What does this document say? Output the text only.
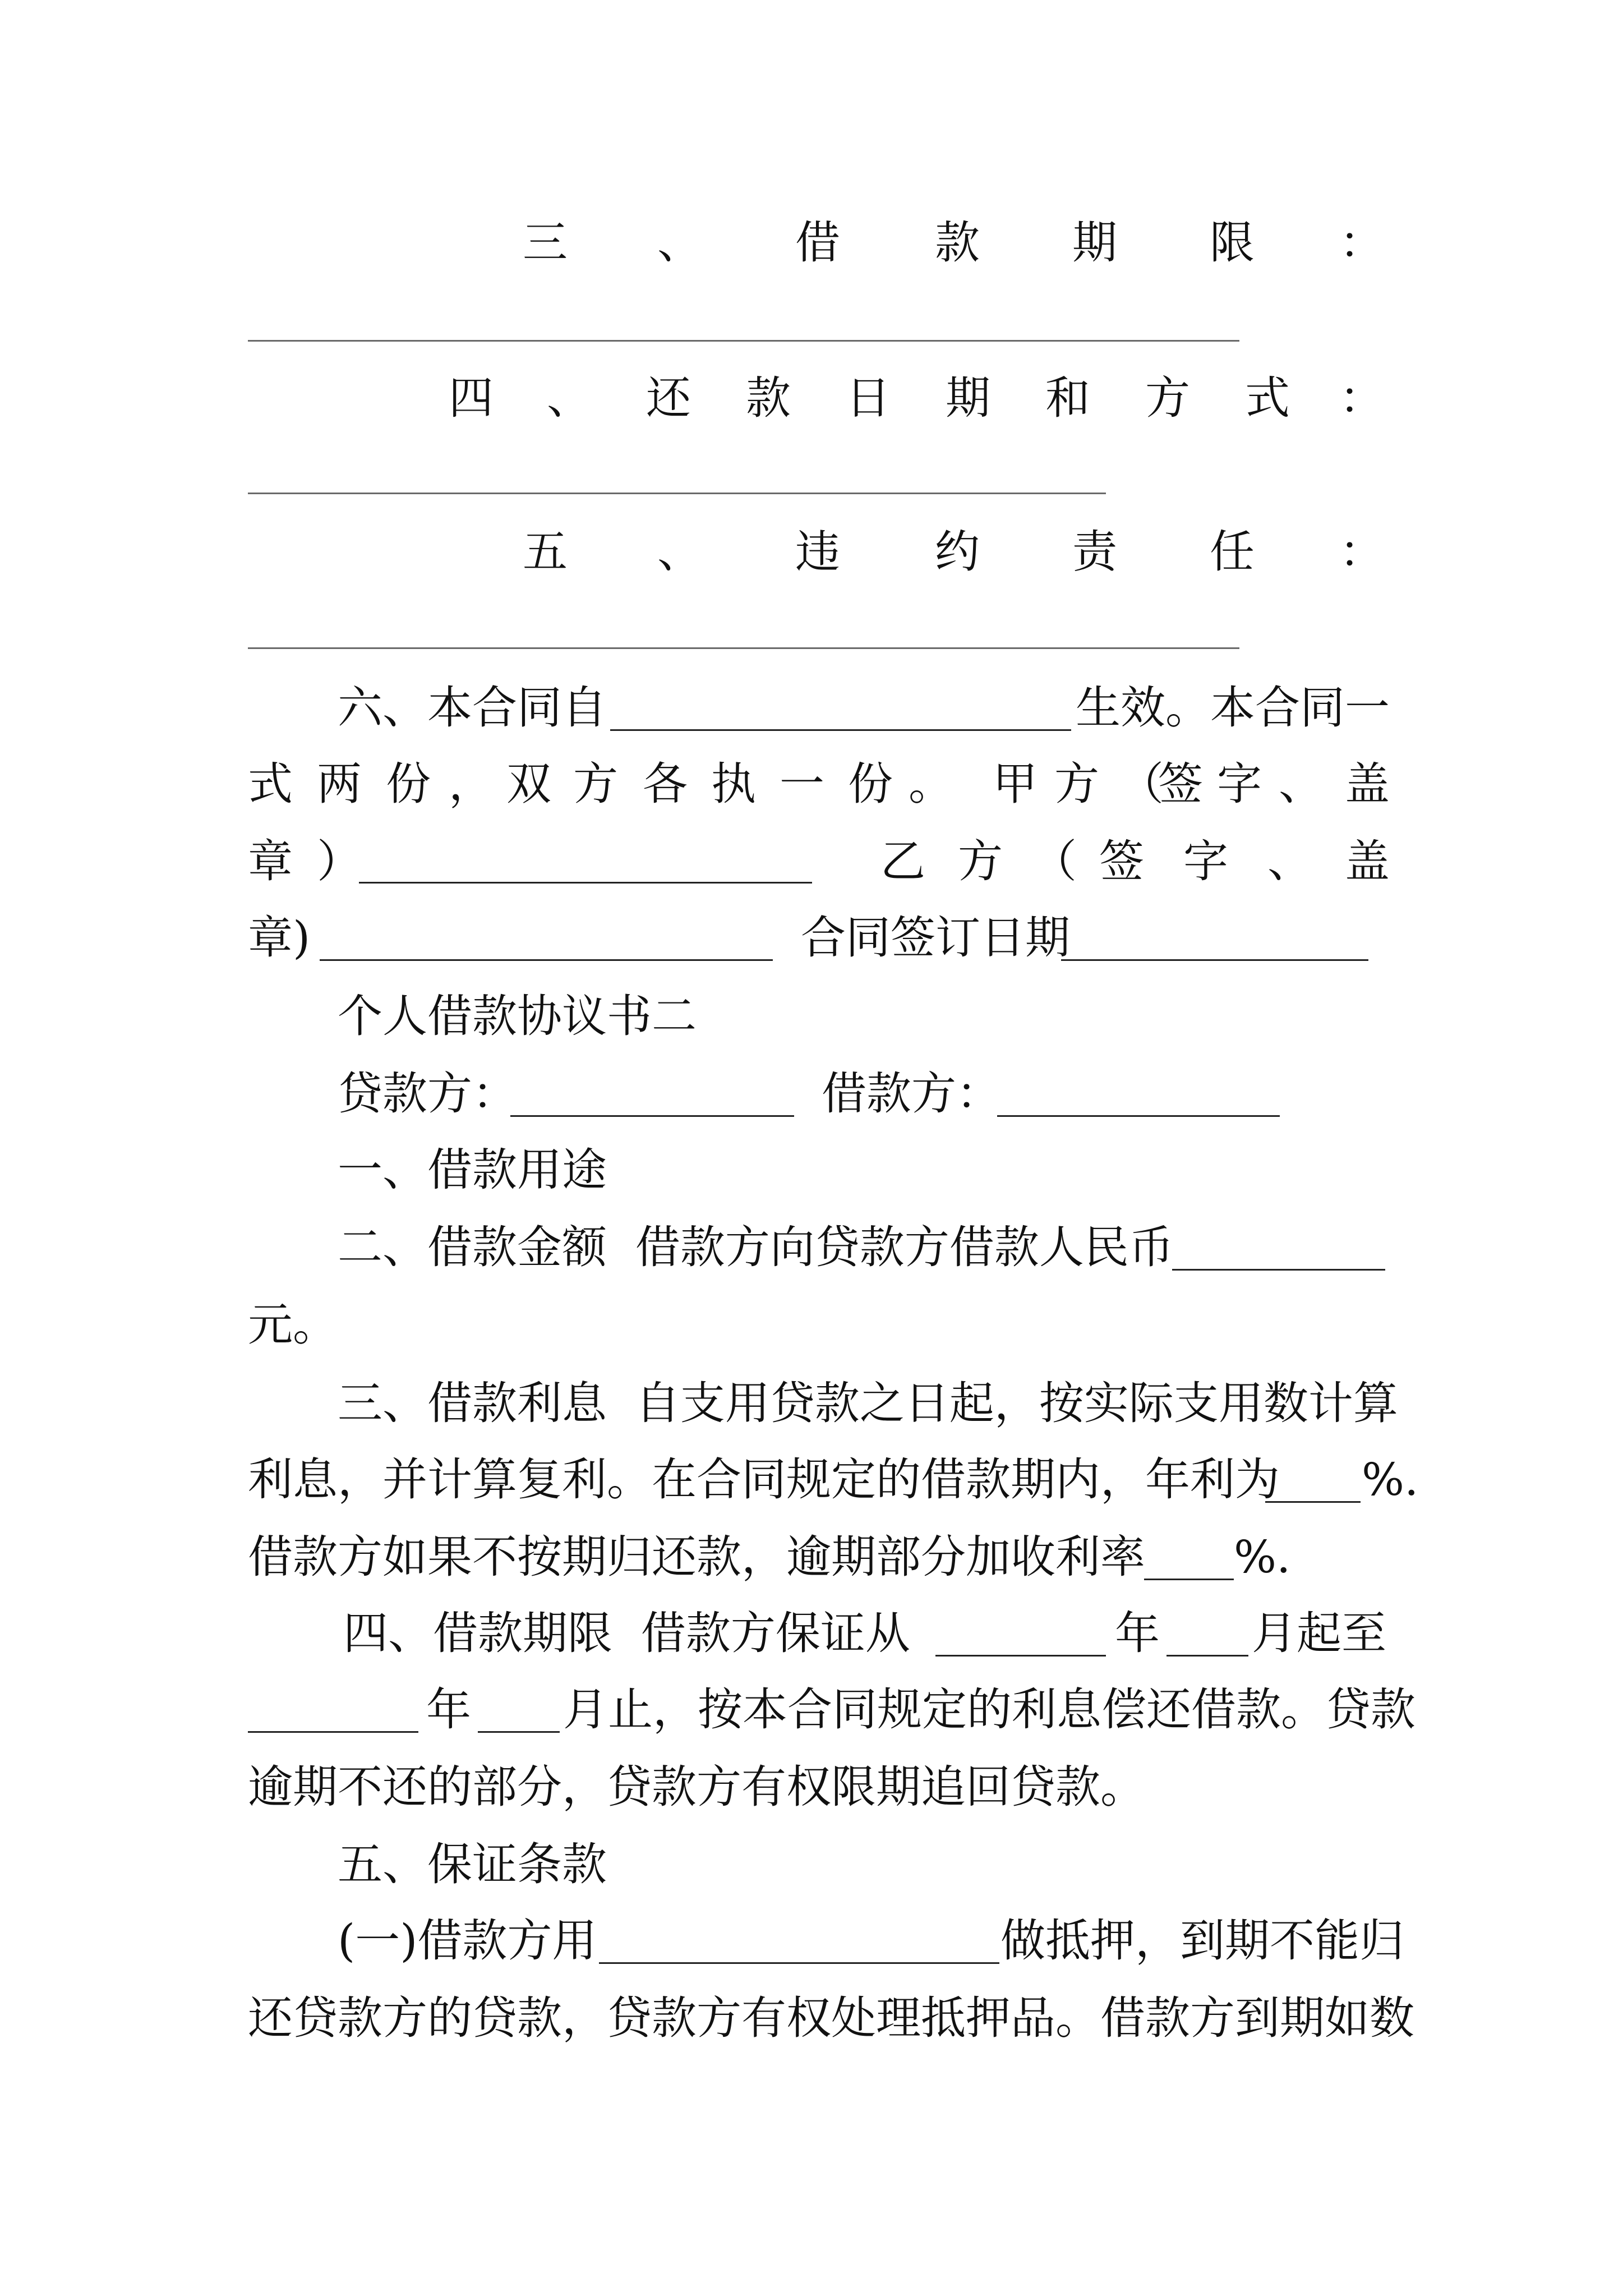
三 、 借 款 期 限 ：
四 、 还 款 日 期 和 方 式 ：
五 、 违 约 责 任 ：
六、本合同自	生效。本合同一
式 两 份 ， 双 方 各 执 一 份 。 甲 方 （
签 字 、 盖
章 ）	乙 方 （ 签 字 、 盖
章)	合同签订日期
个人借款协议书二
贷款方：	借款方：
一、借款用途
二、借款金额  借款方向贷款方借款人民币
元。
三、借款利息  自支用贷款之日起，按实际支用数计算
利息，并计算复利。在合同规定的借款期内，年利为 %.
借款方如果不按期归还款，逾期部分加收利率 %.
四、借款期限  借款方保证从	年 月起至
年 月止，按本合同规定的利息偿还借款。贷款
逾期不还的部分，贷款方有权限期追回贷款。
五、保证条款
(一)借款方用	做抵押，到期不能归
还贷款方的贷款，贷款方有权处理抵押品。借款方到期如数
